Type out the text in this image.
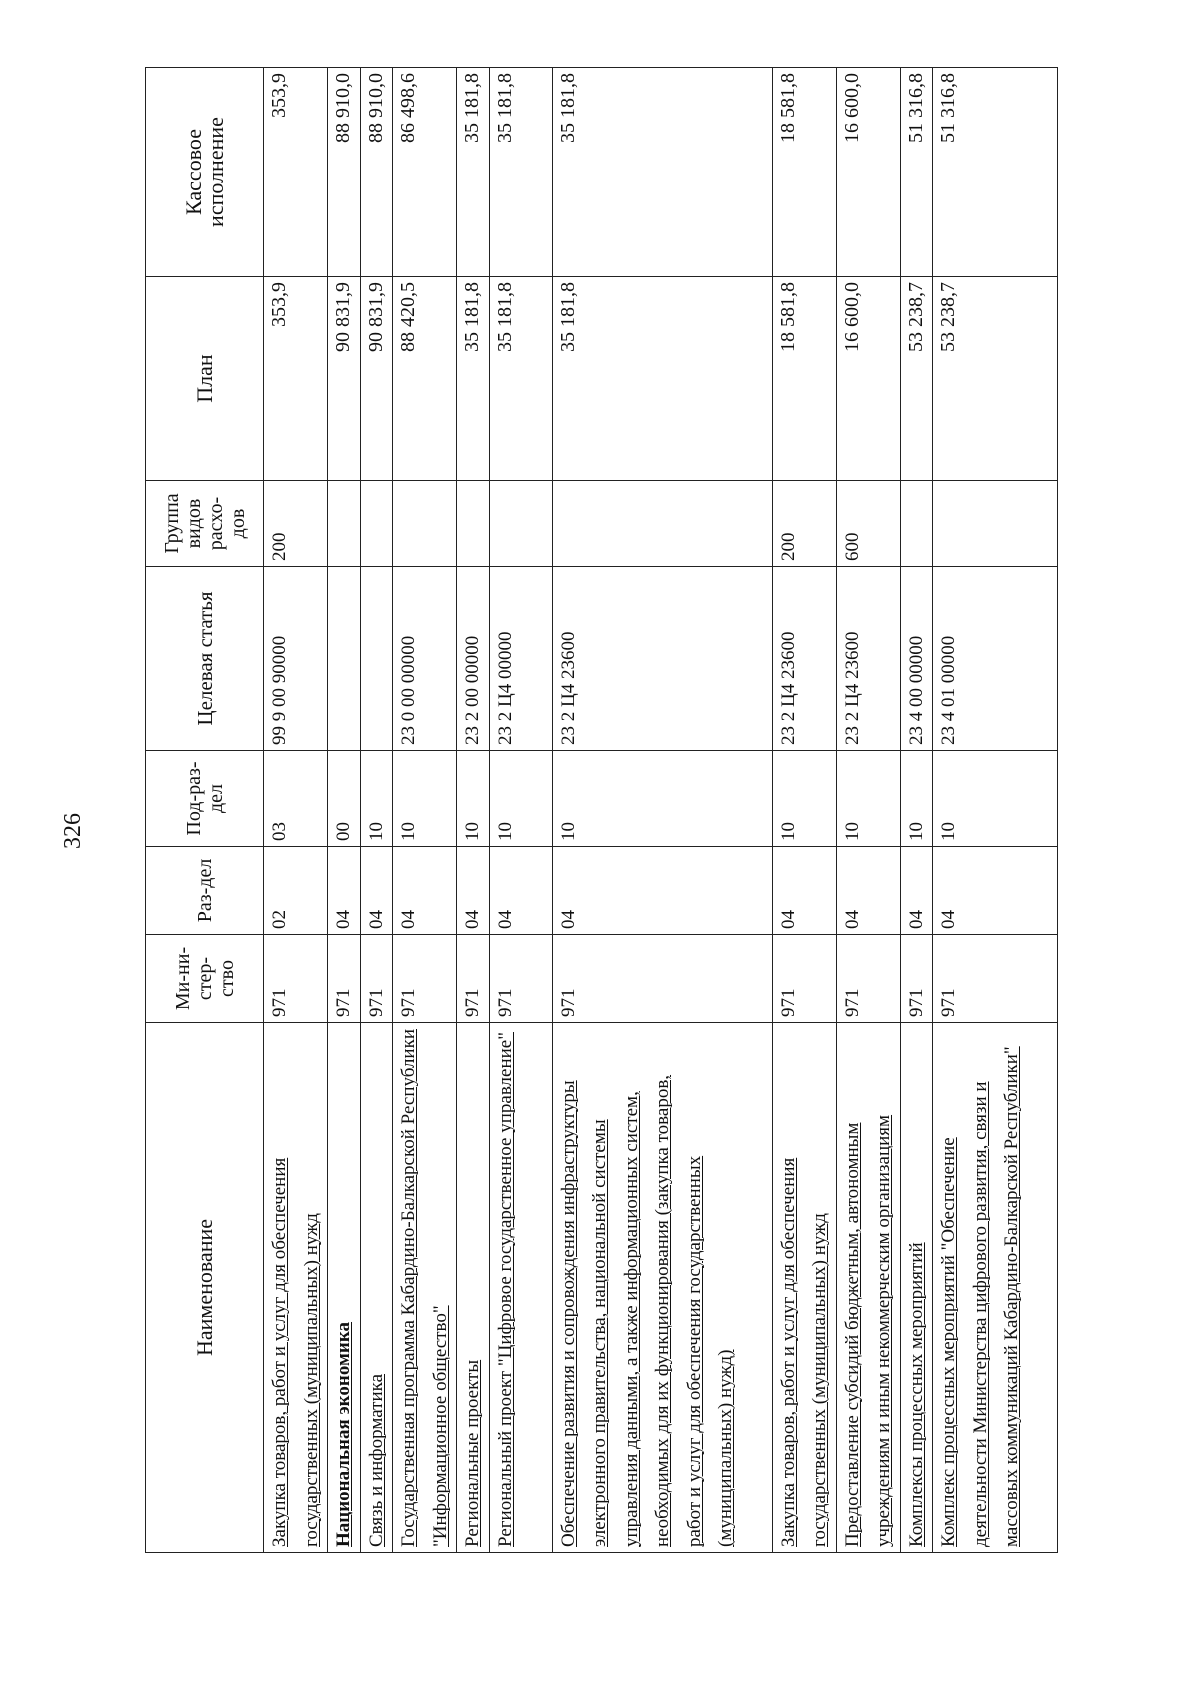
326
Наименование	Ми-ни-стер-ство	Раз-дел	Под-раз-дел	Целевая статья	Группа видов расхо-дов	План	Кассовое исполнение
Закупка товаров, работ и услуг для обеспечения государственных (муниципальных) нужд	971	02	03	99 9 00 90000	200	353,9	353,9
Национальная экономика	971	04	00			90 831,9	88 910,0
Связь и информатика	971	04	10			90 831,9	88 910,0
Государственная программа Кабардино-Балкарской Республики "Информационное общество"	971	04	10	23 0 00 00000		88 420,5	86 498,6
Региональные проекты	971	04	10	23 2 00 00000		35 181,8	35 181,8
Региональный проект "Цифровое государственное управление"	971	04	10	23 2 Ц4 00000		35 181,8	35 181,8
Обеспечение развития и сопровождения инфраструктуры электронного правительства, национальной системы управления данными, а также информационных систем, необходимых для их функционирования (закупка товаров, работ и услуг для обеспечения государственных (муниципальных) нужд)	971	04	10	23 2 Ц4 23600		35 181,8	35 181,8
Закупка товаров, работ и услуг для обеспечения государственных (муниципальных) нужд	971	04	10	23 2 Ц4 23600	200	18 581,8	18 581,8
Предоставление субсидий бюджетным, автономным учреждениям и иным некоммерческим организациям	971	04	10	23 2 Ц4 23600	600	16 600,0	16 600,0
Комплексы процессных мероприятий	971	04	10	23 4 00 00000		53 238,7	51 316,8
Комплекс процессных мероприятий "Обеспечение деятельности Министерства цифрового развития, связи и массовых коммуникаций Кабардино-Балкарской Республики"	971	04	10	23 4 01 00000		53 238,7	51 316,8
